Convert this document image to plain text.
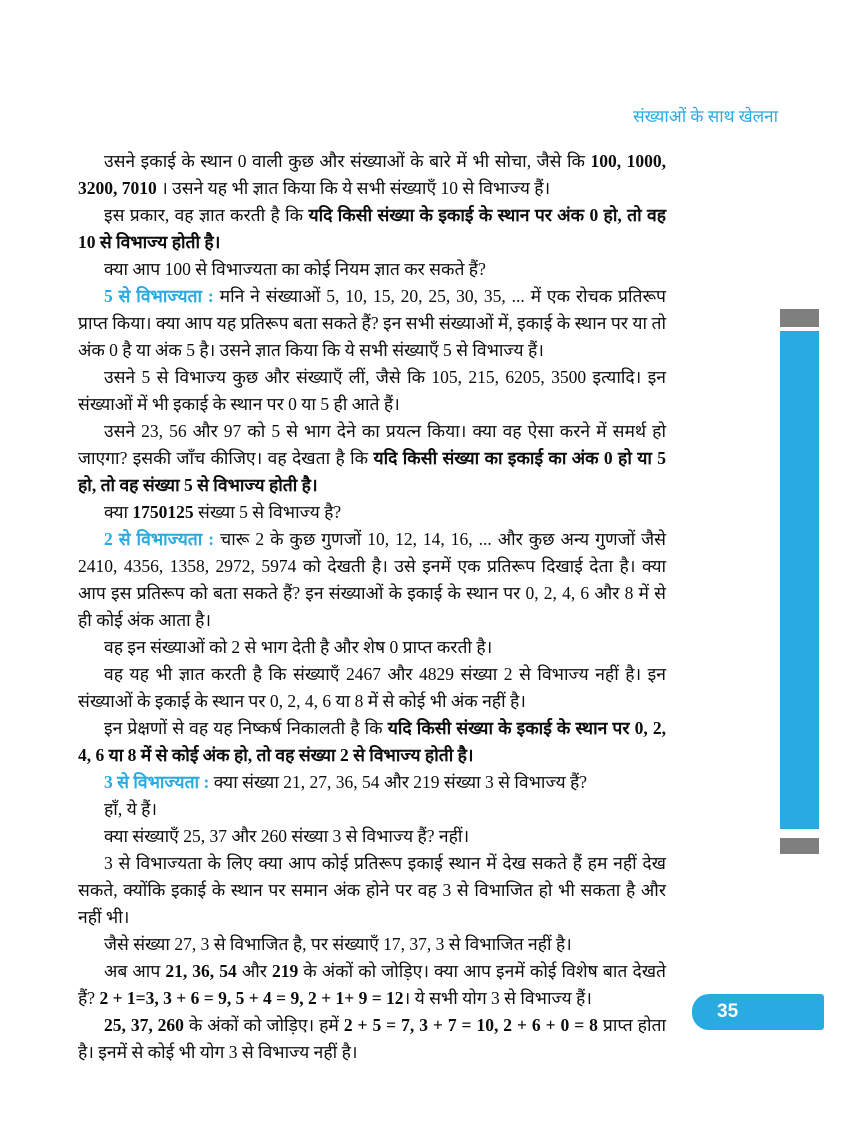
संख्याओं के साथ खेलना

उसने इकाई के स्थान 0 वाली कुछ और संख्याओं के बारे में भी सोचा, जैसे कि 100, 1000, 3200, 7010 । उसने यह भी ज्ञात किया कि ये सभी संख्याएँ 10 से विभाज्य हैं।

इस प्रकार, वह ज्ञात करती है कि यदि किसी संख्या के इकाई के स्थान पर अंक 0 हो, तो वह 10 से विभाज्य होती है।

क्या आप 100 से विभाज्यता का कोई नियम ज्ञात कर सकते हैं?

5 से विभाज्यता : मनि ने संख्याओं 5, 10, 15, 20, 25, 30, 35, ... में एक रोचक प्रतिरूप प्राप्त किया। क्या आप यह प्रतिरूप बता सकते हैं? इन सभी संख्याओं में, इकाई के स्थान पर या तो अंक 0 है या अंक 5 है। उसने ज्ञात किया कि ये सभी संख्याएँ 5 से विभाज्य हैं।

उसने 5 से विभाज्य कुछ और संख्याएँ लीं, जैसे कि 105, 215, 6205, 3500 इत्यादि। इन संख्याओं में भी इकाई के स्थान पर 0 या 5 ही आते हैं।

उसने 23, 56 और 97 को 5 से भाग देने का प्रयत्न किया। क्या वह ऐसा करने में समर्थ हो जाएगा? इसकी जाँच कीजिए। वह देखता है कि यदि किसी संख्या का इकाई का अंक 0 हो या 5 हो, तो वह संख्या 5 से विभाज्य होती है।

क्या 1750125 संख्या 5 से विभाज्य है?

2 से विभाज्यता : चारू 2 के कुछ गुणजों 10, 12, 14, 16, ... और कुछ अन्य गुणजों जैसे 2410, 4356, 1358, 2972, 5974 को देखती है। उसे इनमें एक प्रतिरूप दिखाई देता है। क्या आप इस प्रतिरूप को बता सकते हैं? इन संख्याओं के इकाई के स्थान पर 0, 2, 4, 6 और 8 में से ही कोई अंक आता है।

वह इन संख्याओं को 2 से भाग देती है और शेष 0 प्राप्त करती है।

वह यह भी ज्ञात करती है कि संख्याएँ 2467 और 4829 संख्या 2 से विभाज्य नहीं है। इन संख्याओं के इकाई के स्थान पर 0, 2, 4, 6 या 8 में से कोई भी अंक नहीं है।

इन प्रेक्षणों से वह यह निष्कर्ष निकालती है कि यदि किसी संख्या के इकाई के स्थान पर 0, 2, 4, 6 या 8 में से कोई अंक हो, तो वह संख्या 2 से विभाज्य होती है।

3 से विभाज्यता : क्या संख्या 21, 27, 36, 54 और 219 संख्या 3 से विभाज्य हैं?

हाँ, ये हैं।

क्या संख्याएँ 25, 37 और 260 संख्या 3 से विभाज्य हैं? नहीं।

3 से विभाज्यता के लिए क्या आप कोई प्रतिरूप इकाई स्थान में देख सकते हैं हम नहीं देख सकते, क्योंकि इकाई के स्थान पर समान अंक होने पर वह 3 से विभाजित हो भी सकता है और नहीं भी।

जैसे संख्या 27, 3 से विभाजित है, पर संख्याएँ 17, 37, 3 से विभाजित नहीं है।

अब आप 21, 36, 54 और 219 के अंकों को जोड़िए। क्या आप इनमें कोई विशेष बात देखते हैं? 2 + 1=3, 3 + 6 = 9, 5 + 4 = 9, 2 + 1+ 9 = 12। ये सभी योग 3 से विभाज्य हैं।

25, 37, 260 के अंकों को जोड़िए। हमें 2 + 5 = 7, 3 + 7 = 10, 2 + 6 + 0 = 8 प्राप्त होता है। इनमें से कोई भी योग 3 से विभाज्य नहीं है।

35
